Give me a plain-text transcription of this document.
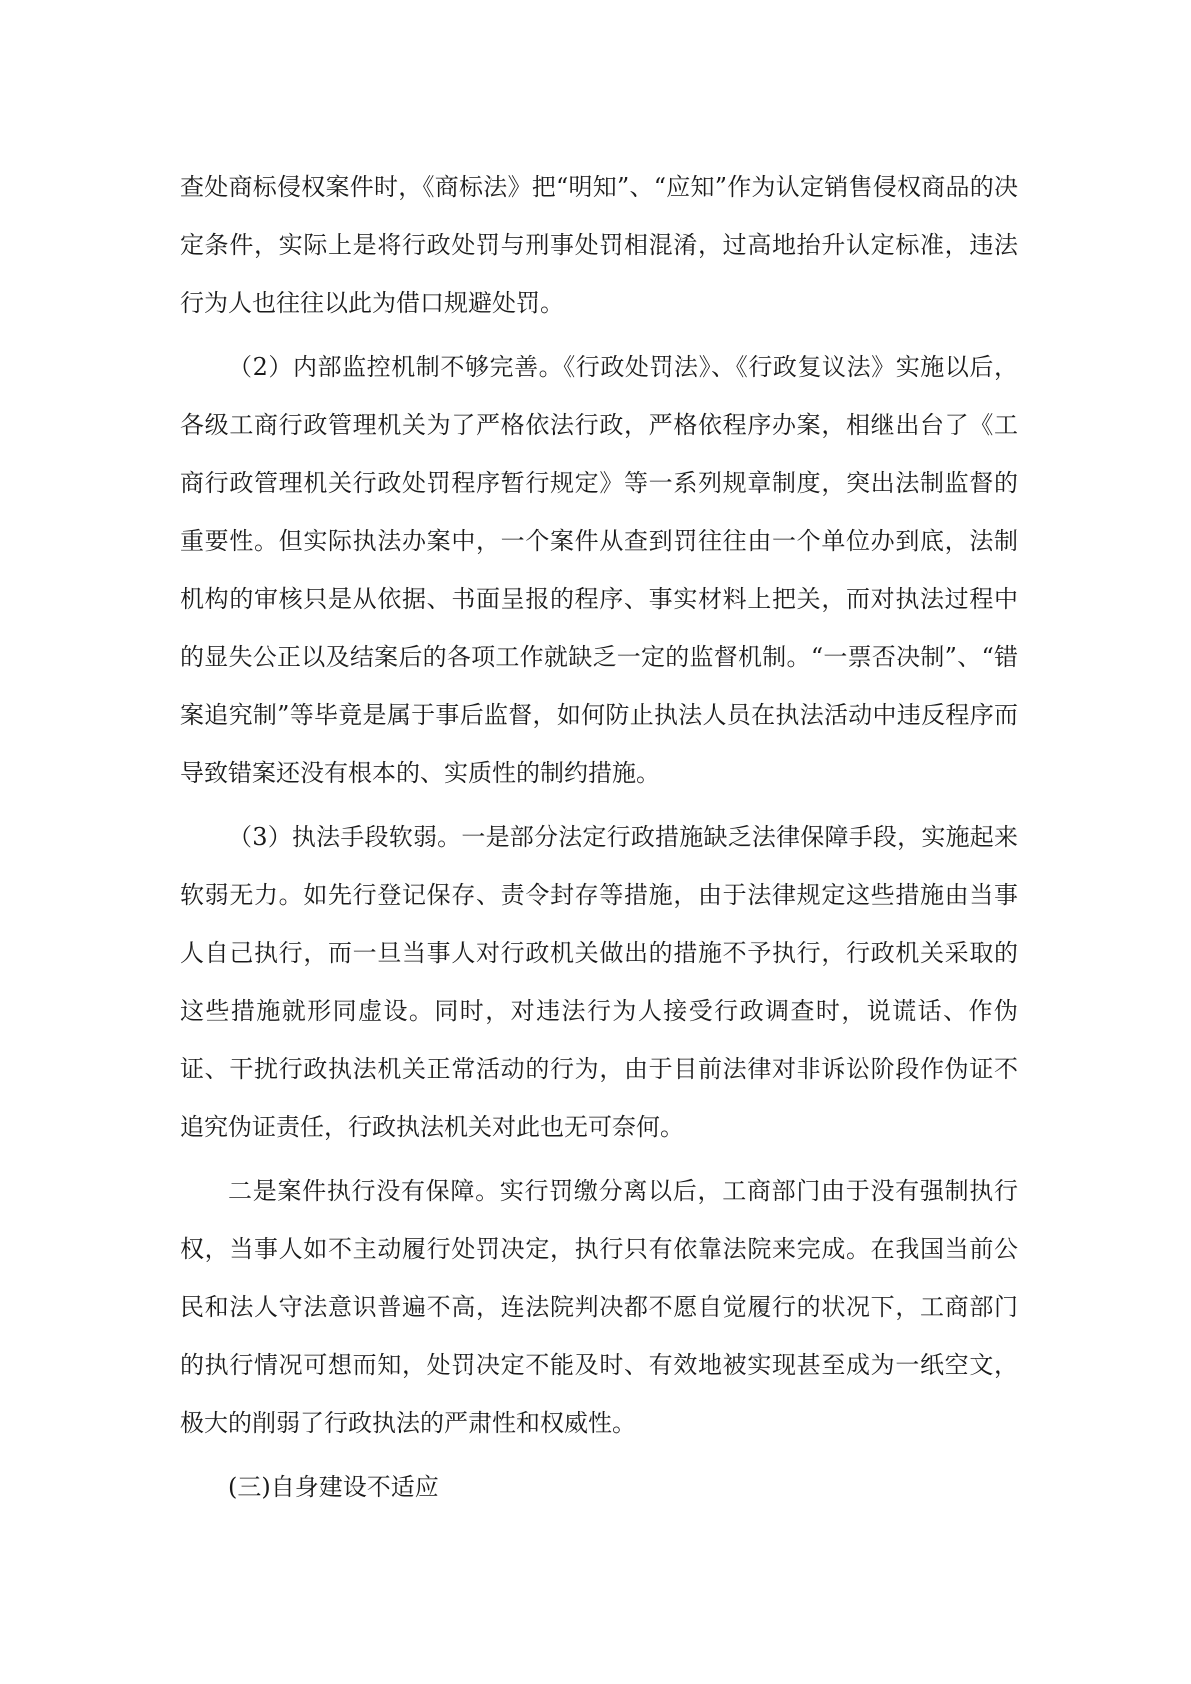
查处商标侵权案件时，《商标法》把“明知”、“应知”作为认定销售侵权商品的决定条件，实际上是将行政处罚与刑事处罚相混淆，过高地抬升认定标准，违法行为人也往往以此为借口规避处罚。

（2）内部监控机制不够完善。《行政处罚法》、《行政复议法》实施以后，各级工商行政管理机关为了严格依法行政，严格依程序办案，相继出台了《工商行政管理机关行政处罚程序暂行规定》等一系列规章制度，突出法制监督的重要性。但实际执法办案中，一个案件从查到罚往往由一个单位办到底，法制机构的审核只是从依据、书面呈报的程序、事实材料上把关，而对执法过程中的显失公正以及结案后的各项工作就缺乏一定的监督机制。“一票否决制”、“错案追究制”等毕竟是属于事后监督，如何防止执法人员在执法活动中违反程序而导致错案还没有根本的、实质性的制约措施。

（3）执法手段软弱。一是部分法定行政措施缺乏法律保障手段，实施起来软弱无力。如先行登记保存、责令封存等措施，由于法律规定这些措施由当事人自己执行，而一旦当事人对行政机关做出的措施不予执行，行政机关采取的这些措施就形同虚设。同时，对违法行为人接受行政调查时，说谎话、作伪证、干扰行政执法机关正常活动的行为，由于目前法律对非诉讼阶段作伪证不追究伪证责任，行政执法机关对此也无可奈何。

二是案件执行没有保障。实行罚缴分离以后，工商部门由于没有强制执行权，当事人如不主动履行处罚决定，执行只有依靠法院来完成。在我国当前公民和法人守法意识普遍不高，连法院判决都不愿自觉履行的状况下，工商部门的执行情况可想而知，处罚决定不能及时、有效地被实现甚至成为一纸空文，极大的削弱了行政执法的严肃性和权威性。

(三)自身建设不适应
